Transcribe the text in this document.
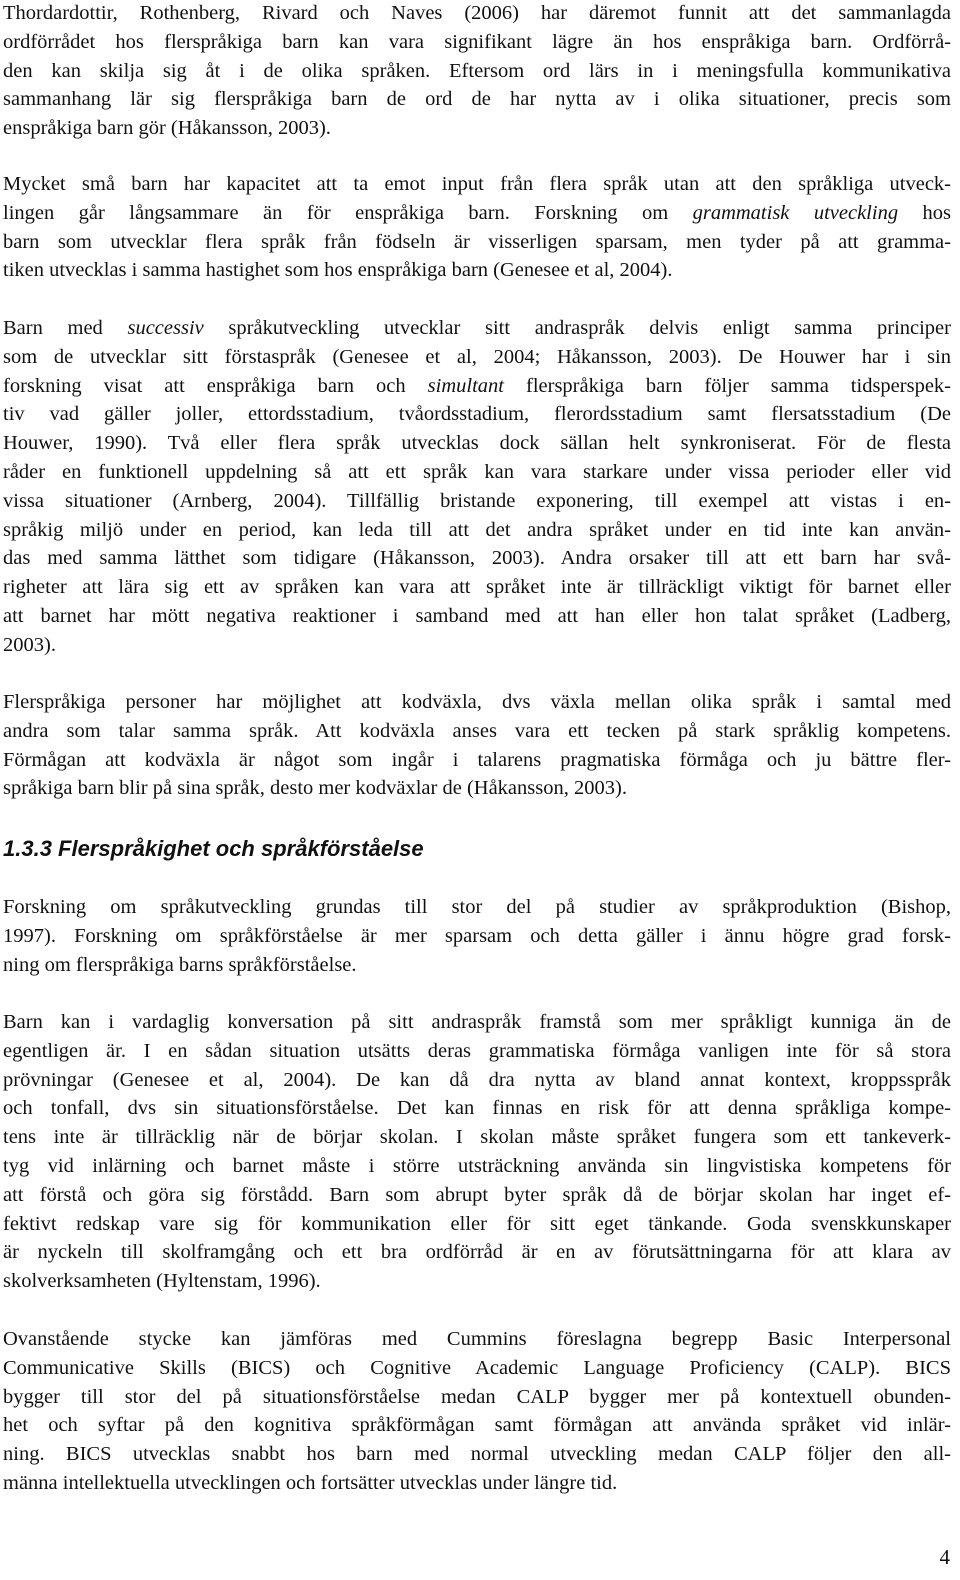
Thordardottir, Rothenberg, Rivard och Naves (2006) har däremot funnit att det sammanlagda
ordförrådet hos flerspråkiga barn kan vara signifikant lägre än hos enspråkiga barn. Ordförrå-
den kan skilja sig åt i de olika språken. Eftersom ord lärs in i meningsfulla kommunikativa
sammanhang lär sig flerspråkiga barn de ord de har nytta av i olika situationer, precis som
enspråkiga barn gör (Håkansson, 2003).
Mycket små barn har kapacitet att ta emot input från flera språk utan att den språkliga utveck-
lingen går långsammare än för enspråkiga barn. Forskning om grammatisk utveckling hos
barn som utvecklar flera språk från födseln är visserligen sparsam, men tyder på att gramma-
tiken utvecklas i samma hastighet som hos enspråkiga barn (Genesee et al, 2004).
Barn med successiv språkutveckling utvecklar sitt andraspråk delvis enligt samma principer
som de utvecklar sitt förstaspråk (Genesee et al, 2004; Håkansson, 2003). De Houwer har i sin
forskning visat att enspråkiga barn och simultant flerspråkiga barn följer samma tidsperspek-
tiv vad gäller joller, ettordsstadium, tvåordsstadium, flerordsstadium samt flersatsstadium (De
Houwer, 1990). Två eller flera språk utvecklas dock sällan helt synkroniserat. För de flesta
råder en funktionell uppdelning så att ett språk kan vara starkare under vissa perioder eller vid
vissa situationer (Arnberg, 2004). Tillfällig bristande exponering, till exempel att vistas i en-
språkig miljö under en period, kan leda till att det andra språket under en tid inte kan använ-
das med samma lätthet som tidigare (Håkansson, 2003). Andra orsaker till att ett barn har svå-
righeter att lära sig ett av språken kan vara att språket inte är tillräckligt viktigt för barnet eller
att barnet har mött negativa reaktioner i samband med att han eller hon talat språket (Ladberg,
2003).
Flerspråkiga personer har möjlighet att kodväxla, dvs växla mellan olika språk i samtal med
andra som talar samma språk. Att kodväxla anses vara ett tecken på stark språklig kompetens.
Förmågan att kodväxla är något som ingår i talarens pragmatiska förmåga och ju bättre fler-
språkiga barn blir på sina språk, desto mer kodväxlar de (Håkansson, 2003).
1.3.3 Flerspråkighet och språkförståelse
Forskning om språkutveckling grundas till stor del på studier av språkproduktion (Bishop,
1997). Forskning om språkförståelse är mer sparsam och detta gäller i ännu högre grad forsk-
ning om flerspråkiga barns språkförståelse.
Barn kan i vardaglig konversation på sitt andraspråk framstå som mer språkligt kunniga än de
egentligen är. I en sådan situation utsätts deras grammatiska förmåga vanligen inte för så stora
prövningar (Genesee et al, 2004). De kan då dra nytta av bland annat kontext, kroppsspråk
och tonfall, dvs sin situationsförståelse. Det kan finnas en risk för att denna språkliga kompe-
tens inte är tillräcklig när de börjar skolan. I skolan måste språket fungera som ett tankeverk-
tyg vid inlärning och barnet måste i större utsträckning använda sin lingvistiska kompetens för
att förstå och göra sig förstådd. Barn som abrupt byter språk då de börjar skolan har inget ef-
fektivt redskap vare sig för kommunikation eller för sitt eget tänkande. Goda svenskkunskaper
är nyckeln till skolframgång och ett bra ordförråd är en av förutsättningarna för att klara av
skolverksamheten (Hyltenstam, 1996).
Ovanstående stycke kan jämföras med Cummins föreslagna begrepp Basic Interpersonal
Communicative Skills (BICS) och Cognitive Academic Language Proficiency (CALP). BICS
bygger till stor del på situationsförståelse medan CALP bygger mer på kontextuell obunden-
het och syftar på den kognitiva språkförmågan samt förmågan att använda språket vid inlär-
ning. BICS utvecklas snabbt hos barn med normal utveckling medan CALP följer den all-
männa intellektuella utvecklingen och fortsätter utvecklas under längre tid.
4
